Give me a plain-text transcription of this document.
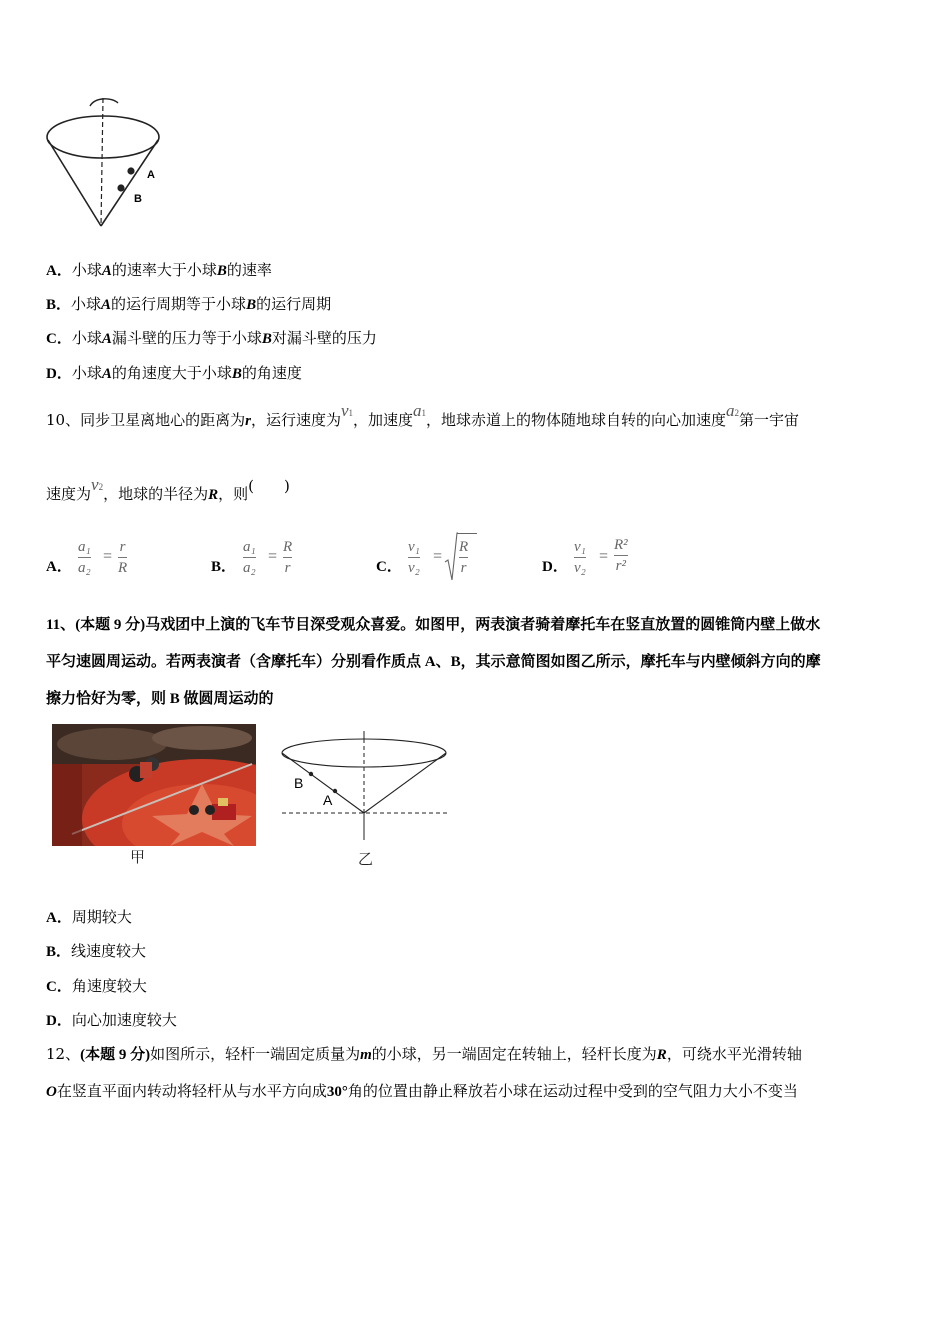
A
B
A．小球A的速率大于小球B的速率
B．小球A的运行周期等于小球B的运行周期
C．小球A漏斗壁的压力等于小球B对漏斗壁的压力
D．小球A的角速度大于小球B的角速度
10、同步卫星离地心的距离为r，运行速度为v1，加速度a1，地球赤道上的物体随地球自转的向心加速度a2第一宇宙
速度为v2，地球的半径为R，则(　　)
A．
a₁
a₂
=
r
R	B．
a₁
a₂
=
R
r	C．
v₁
v₂
=
R
r	D．
v₁
v₂
=
R²
r²
11、(本题 9 分)马戏团中上演的飞车节目深受观众喜爱。如图甲，两表演者骑着摩托车在竖直放置的圆锥筒内壁上做水
平匀速圆周运动。若两表演者（含摩托车）分别看作质点 A、B，其示意简图如图乙所示，摩托车与内壁倾斜方向的摩
擦力恰好为零，则 B 做圆周运动的
甲
B
A
乙
A．周期较大
B．线速度较大
C．角速度较大
D．向心加速度较大
12、(本题 9 分)如图所示，轻杆一端固定质量为m的小球，另一端固定在转轴上，轻杆长度为R，可绕水平光滑转轴
O在竖直平面内转动将轻杆从与水平方向成30°角的位置由静止释放若小球在运动过程中受到的空气阻力大小不变当
